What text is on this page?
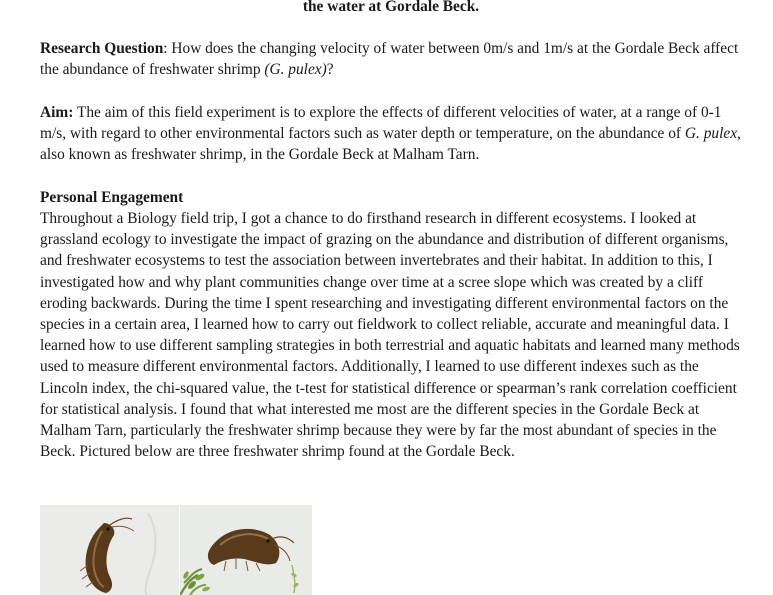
the water at Gordale Beck.

Research Question: How does the changing velocity of water between 0m/s and 1m/s at the Gordale Beck affect the abundance of freshwater shrimp (G. pulex)?

Aim: The aim of this field experiment is to explore the effects of different velocities of water, at a range of 0-1 m/s, with regard to other environmental factors such as water depth or temperature, on the abundance of G. pulex, also known as freshwater shrimp, in the Gordale Beck at Malham Tarn.

Personal Engagement

Throughout a Biology field trip, I got a chance to do firsthand research in different ecosystems. I looked at grassland ecology to investigate the impact of grazing on the abundance and distribution of different organisms, and freshwater ecosystems to test the association between invertebrates and their habitat. In addition to this, I investigated how and why plant communities change over time at a scree slope which was created by a cliff eroding backwards. During the time I spent researching and investigating different environmental factors on the species in a certain area, I learned how to carry out fieldwork to collect reliable, accurate and meaningful data. I learned how to use different sampling strategies in both terrestrial and aquatic habitats and learned many methods used to measure different environmental factors. Additionally, I learned to use different indexes such as the Lincoln index, the chi-squared value, the t-test for statistical difference or spearman’s rank correlation coefficient for statistical analysis. I found that what interested me most are the different species in the Gordale Beck at Malham Tarn, particularly the freshwater shrimp because they were by far the most abundant of species in the Beck. Pictured below are three freshwater shrimp found at the Gordale Beck.
